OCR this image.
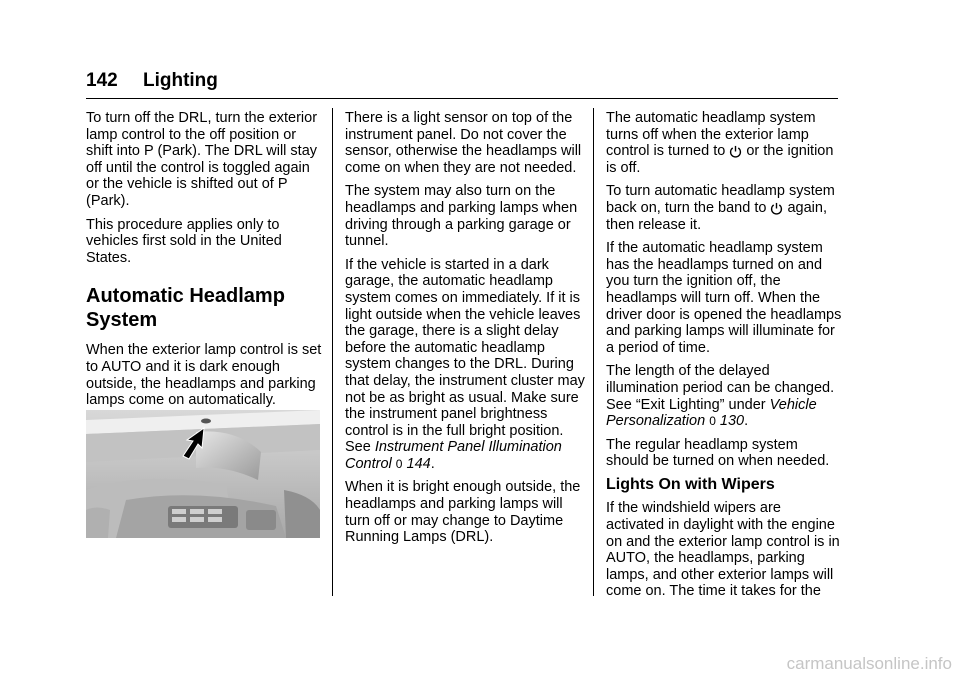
142 Lighting

To turn off the DRL, turn the exterior lamp control to the off position or shift into P (Park). The DRL will stay off until the control is toggled again or the vehicle is shifted out of P (Park).

This procedure applies only to vehicles first sold in the United States.

Automatic Headlamp System

When the exterior lamp control is set to AUTO and it is dark enough outside, the headlamps and parking lamps come on automatically.

There is a light sensor on top of the instrument panel. Do not cover the sensor, otherwise the headlamps will come on when they are not needed.

The system may also turn on the headlamps and parking lamps when driving through a parking garage or tunnel.

If the vehicle is started in a dark garage, the automatic headlamp system comes on immediately. If it is light outside when the vehicle leaves the garage, there is a slight delay before the automatic headlamp system changes to the DRL. During that delay, the instrument cluster may not be as bright as usual. Make sure the instrument panel brightness control is in the full bright position. See Instrument Panel Illumination Control 0 144.

When it is bright enough outside, the headlamps and parking lamps will turn off or may change to Daytime Running Lamps (DRL).

The automatic headlamp system turns off when the exterior lamp control is turned to or the ignition is off.

To turn automatic headlamp system back on, turn the band to again, then release it.

If the automatic headlamp system has the headlamps turned on and you turn the ignition off, the headlamps will turn off. When the driver door is opened the headlamps and parking lamps will illuminate for a period of time.

The length of the delayed illumination period can be changed. See “Exit Lighting” under Vehicle Personalization 0 130.

The regular headlamp system should be turned on when needed.

Lights On with Wipers

If the windshield wipers are activated in daylight with the engine on and the exterior lamp control is in AUTO, the headlamps, parking lamps, and other exterior lamps will come on. The time it takes for the

carmanualsonline.info
